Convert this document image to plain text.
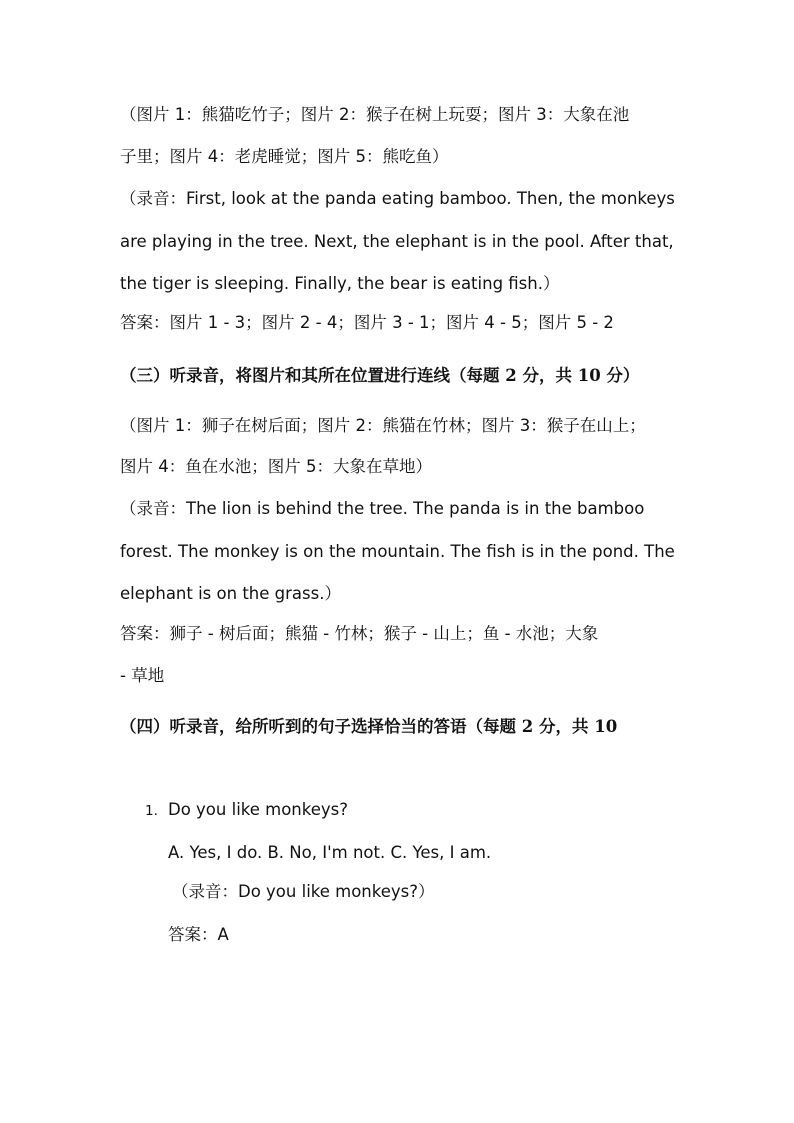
（图片 1：熊猫吃竹子；图片 2：猴子在树上玩耍；图片 3：大象在池
子里；图片 4：老虎睡觉；图片 5：熊吃鱼）
（录音：First, look at the panda eating bamboo. Then, the monkeys
are playing in the tree. Next, the elephant is in the pool. After that,
the tiger is sleeping. Finally, the bear is eating fish.）
答案：图片 1 - 3；图片 2 - 4；图片 3 - 1；图片 4 - 5；图片 5 - 2
（三）听录音，将图片和其所在位置进行连线（每题 2 分，共 10 分）
（图片 1：狮子在树后面；图片 2：熊猫在竹林；图片 3：猴子在山上；
图片 4：鱼在水池；图片 5：大象在草地）
（录音：The lion is behind the tree. The panda is in the bamboo
forest. The monkey is on the mountain. The fish is in the pond. The
elephant is on the grass.）
答案：狮子 - 树后面；熊猫 - 竹林；猴子 - 山上；鱼 - 水池；大象
- 草地
（四）听录音，给所听到的句子选择恰当的答语（每题 2 分，共 10
1. Do you like monkeys?
A. Yes, I do. B. No, I'm not. C. Yes, I am.
（录音：Do you like monkeys?）
答案：A
